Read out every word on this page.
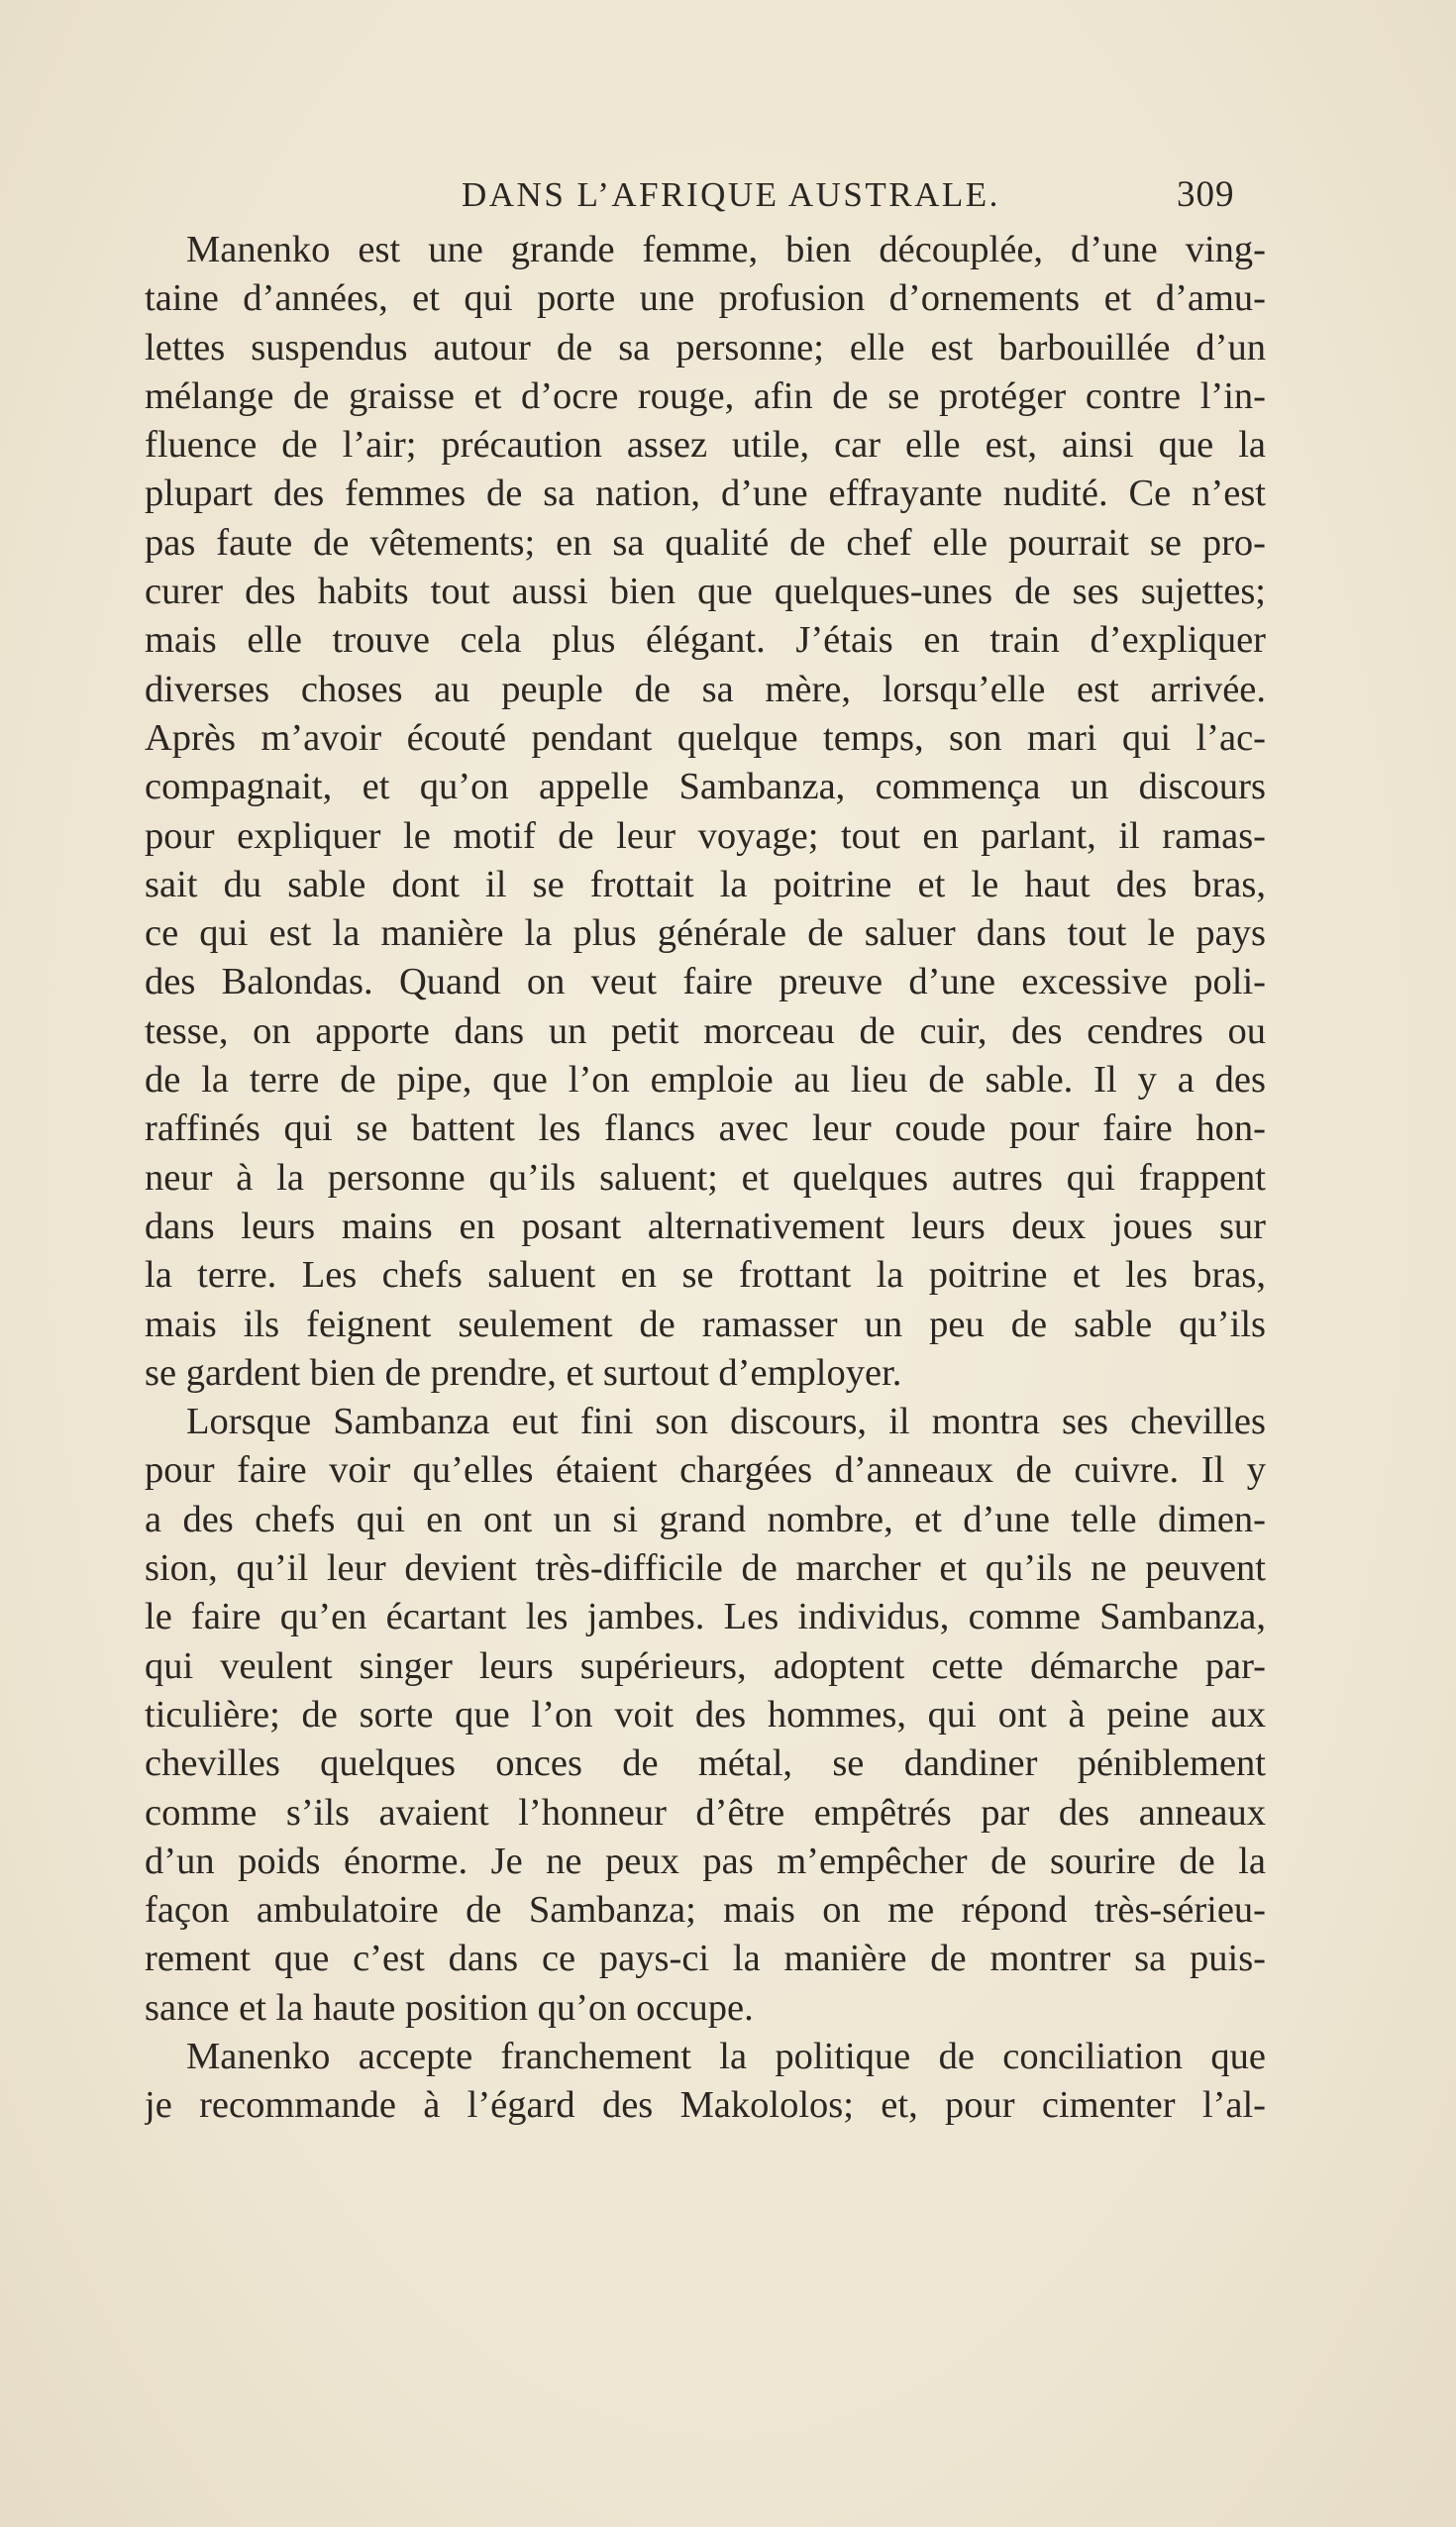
DANS L’AFRIQUE AUSTRALE.	309
Manenko est une grande femme, bien découplée, d’une ving-
taine d’années, et qui porte une profusion d’ornements et d’amu-
lettes suspendus autour de sa personne; elle est barbouillée d’un
mélange de graisse et d’ocre rouge, afin de se protéger contre l’in-
fluence de l’air; précaution assez utile, car elle est, ainsi que la
plupart des femmes de sa nation, d’une effrayante nudité. Ce n’est
pas faute de vêtements; en sa qualité de chef elle pourrait se pro-
curer des habits tout aussi bien que quelques-unes de ses sujettes;
mais elle trouve cela plus élégant. J’étais en train d’expliquer
diverses choses au peuple de sa mère, lorsqu’elle est arrivée.
Après m’avoir écouté pendant quelque temps, son mari qui l’ac-
compagnait, et qu’on appelle Sambanza, commença un discours
pour expliquer le motif de leur voyage; tout en parlant, il ramas-
sait du sable dont il se frottait la poitrine et le haut des bras,
ce qui est la manière la plus générale de saluer dans tout le pays
des Balondas. Quand on veut faire preuve d’une excessive poli-
tesse, on apporte dans un petit morceau de cuir, des cendres ou
de la terre de pipe, que l’on emploie au lieu de sable. Il y a des
raffinés qui se battent les flancs avec leur coude pour faire hon-
neur à la personne qu’ils saluent; et quelques autres qui frappent
dans leurs mains en posant alternativement leurs deux joues sur
la terre. Les chefs saluent en se frottant la poitrine et les bras,
mais ils feignent seulement de ramasser un peu de sable qu’ils
se gardent bien de prendre, et surtout d’employer.
Lorsque Sambanza eut fini son discours, il montra ses chevilles
pour faire voir qu’elles étaient chargées d’anneaux de cuivre. Il y
a des chefs qui en ont un si grand nombre, et d’une telle dimen-
sion, qu’il leur devient très-difficile de marcher et qu’ils ne peuvent
le faire qu’en écartant les jambes. Les individus, comme Sambanza,
qui veulent singer leurs supérieurs, adoptent cette démarche par-
ticulière; de sorte que l’on voit des hommes, qui ont à peine aux
chevilles quelques onces de métal, se dandiner péniblement
comme s’ils avaient l’honneur d’être empêtrés par des anneaux
d’un poids énorme. Je ne peux pas m’empêcher de sourire de la
façon ambulatoire de Sambanza; mais on me répond très-sérieu-
rement que c’est dans ce pays-ci la manière de montrer sa puis-
sance et la haute position qu’on occupe.
Manenko accepte franchement la politique de conciliation que
je recommande à l’égard des Makololos; et, pour cimenter l’al-
